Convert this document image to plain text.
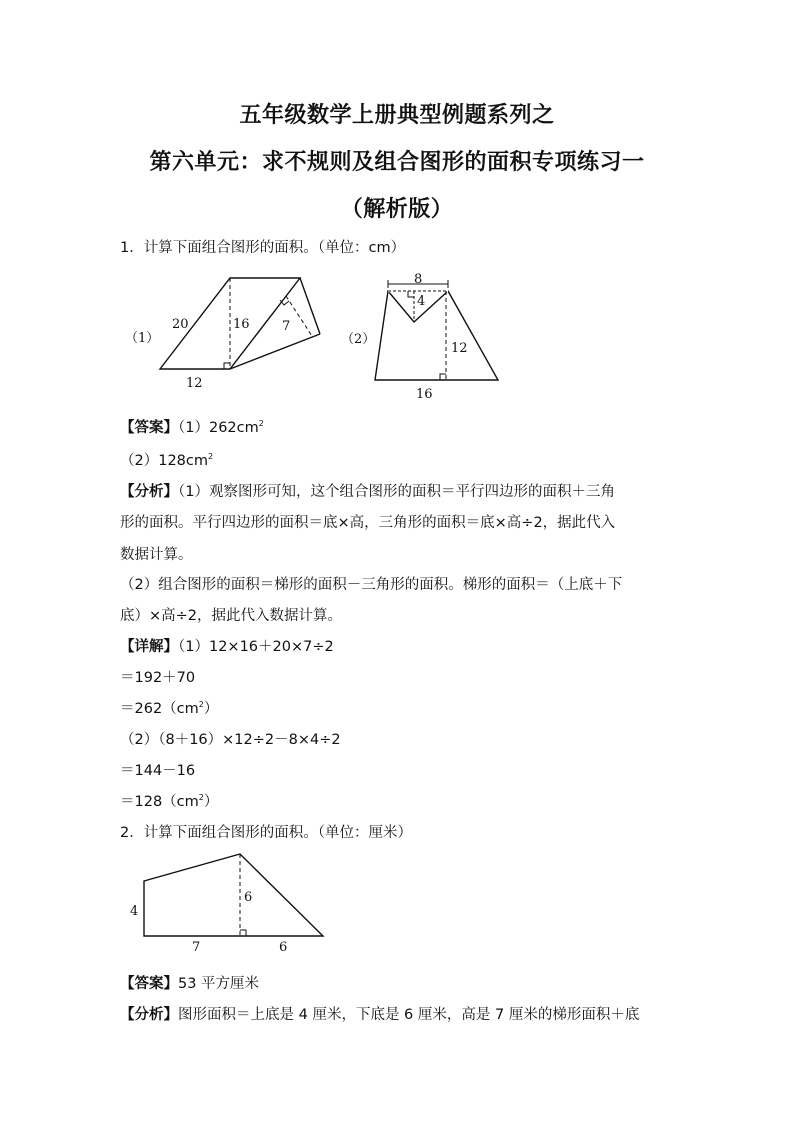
五年级数学上册典型例题系列之
第六单元：求不规则及组合图形的面积专项练习一
（解析版）
1．计算下面组合图形的面积。（单位：cm）
（1）
20	16 7
12
（2）
8
4
12
16
【答案】$(1)262cm^2$
$(2)128cm^2$
【分析】（1）观察图形可知，这个组合图形的面积＝平行四边形的面积＋三角
形的面积。平行四边形的面积＝底×高，三角形的面积＝底×高÷2，据此代入
数据计算。
（2）组合图形的面积＝梯形的面积－三角形的面积。梯形的面积＝（上底＋下
底）×高÷2，据此代入数据计算。
【详解】（1）12×16＋20×7÷2
＝192＋70
$=262(cm^2)$
（2）（8＋16）×12÷2－8×4÷2
＝144－16
$=128(cm^2)$
2．计算下面组合图形的面积。（单位：厘米）
4
6
7	6
【答案】53 平方厘米
【分析】图形面积＝上底是 4 厘米，下底是 6 厘米，高是 7 厘米的梯形面积＋底
